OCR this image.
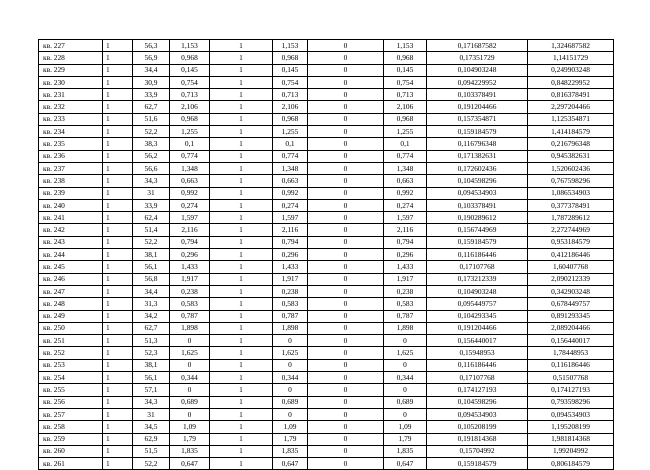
кв. 227	1	56,3	1,153	1	1,153	0	1,153	0,171687582	1,324687582
кв. 228	1	56,9	0,968	1	0,968	0	0,968	0,17351729	1,14151729
кв. 229	1	34,4	0,145	1	0,145	0	0,145	0,104903248	0,249903248
кв. 230	1	30,9	0,754	1	0,754	0	0,754	0,094229952	0,848229952
кв. 231	1	33,9	0,713	1	0,713	0	0,713	0,103378491	0,816378491
кв. 232	1	62,7	2,106	1	2,106	0	2,106	0,191204466	2,297204466
кв. 233	1	51,6	0,968	1	0,968	0	0,968	0,157354871	1,125354871
кв. 234	1	52,2	1,255	1	1,255	0	1,255	0,159184579	1,414184579
кв. 235	1	38,3	0,1	1	0,1	0	0,1	0,116796348	0,216796348
кв. 236	1	56,2	0,774	1	0,774	0	0,774	0,171382631	0,945382631
кв. 237	1	56,6	1,348	1	1,348	0	1,348	0,172602436	1,520602436
кв. 238	1	34,3	0,663	1	0,663	0	0,663	0,104598296	0,767598296
кв. 239	1	31	0,992	1	0,992	0	0,992	0,094534903	1,086534903
кв. 240	1	33,9	0,274	1	0,274	0	0,274	0,103378491	0,377378491
кв. 241	1	62,4	1,597	1	1,597	0	1,597	0,190289612	1,787289612
кв. 242	1	51,4	2,116	1	2,116	0	2,116	0,156744969	2,272744969
кв. 243	1	52,2	0,794	1	0,794	0	0,794	0,159184579	0,953184579
кв. 244	1	38,1	0,296	1	0,296	0	0,296	0,116186446	0,412186446
кв. 245	1	56,1	1,433	1	1,433	0	1,433	0,17107768	1,60407768
кв. 246	1	56,8	1,917	1	1,917	0	1,917	0,173212339	2,090212339
кв. 247	1	34,4	0,238	1	0,238	0	0,238	0,104903248	0,342903248
кв. 248	1	31,3	0,583	1	0,583	0	0,583	0,095449757	0,678449757
кв. 249	1	34,2	0,787	1	0,787	0	0,787	0,104293345	0,891293345
кв. 250	1	62,7	1,898	1	1,898	0	1,898	0,191204466	2,089204466
кв. 251	1	51,3	0	1	0	0	0	0,156440017	0,156440017
кв. 252	1	52,3	1,625	1	1,625	0	1,625	0,15948953	1,78448953
кв. 253	1	38,1	0	1	0	0	0	0,116186446	0,116186446
кв. 254	1	56,1	0,344	1	0,344	0	0,344	0,17107768	0,51507768
кв. 255	1	57,1	0	1	0	0	0	0,174127193	0,174127193
кв. 256	1	34,3	0,689	1	0,689	0	0,689	0,104598296	0,793598296
кв. 257	1	31	0	1	0	0	0	0,094534903	0,094534903
кв. 258	1	34,5	1,09	1	1,09	0	1,09	0,105208199	1,195208199
кв. 259	1	62,9	1,79	1	1,79	0	1,79	0,191814368	1,981814368
кв. 260	1	51,5	1,835	1	1,835	0	1,835	0,15704992	1,99204992
кв. 261	1	52,2	0,647	1	0,647	0	0,647	0,159184579	0,806184579
